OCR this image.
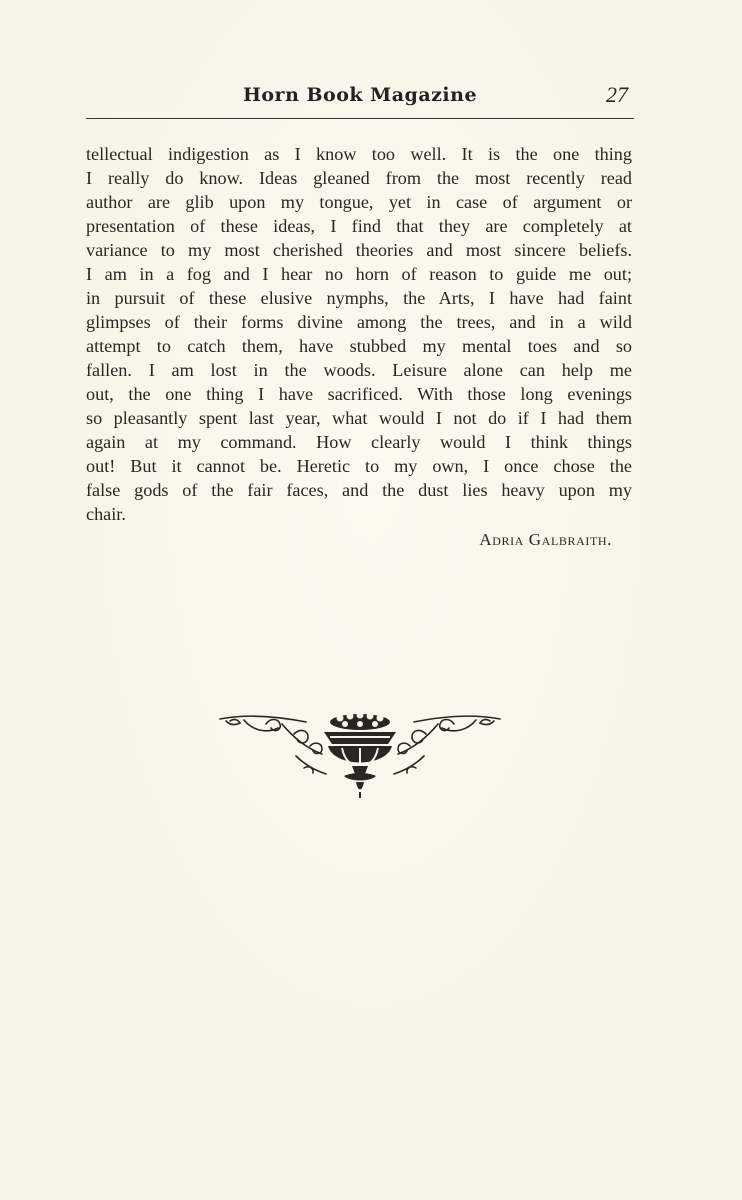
Horn Book Magazine	27
tellectual indigestion as I know too well. It is the one thing
I really do know. Ideas gleaned from the most recently read
author are glib upon my tongue, yet in case of argument or
presentation of these ideas, I find that they are completely at
variance to my most cherished theories and most sincere beliefs.
I am in a fog and I hear no horn of reason to guide me out;
in pursuit of these elusive nymphs, the Arts, I have had faint
glimpses of their forms divine among the trees, and in a wild
attempt to catch them, have stubbed my mental toes and so
fallen. I am lost in the woods. Leisure alone can help me
out, the one thing I have sacrificed. With those long evenings
so pleasantly spent last year, what would I not do if I had them
again at my command. How clearly would I think things
out! But it cannot be. Heretic to my own, I once chose the
false gods of the fair faces, and the dust lies heavy upon my
chair.
Adria Galbraith.
